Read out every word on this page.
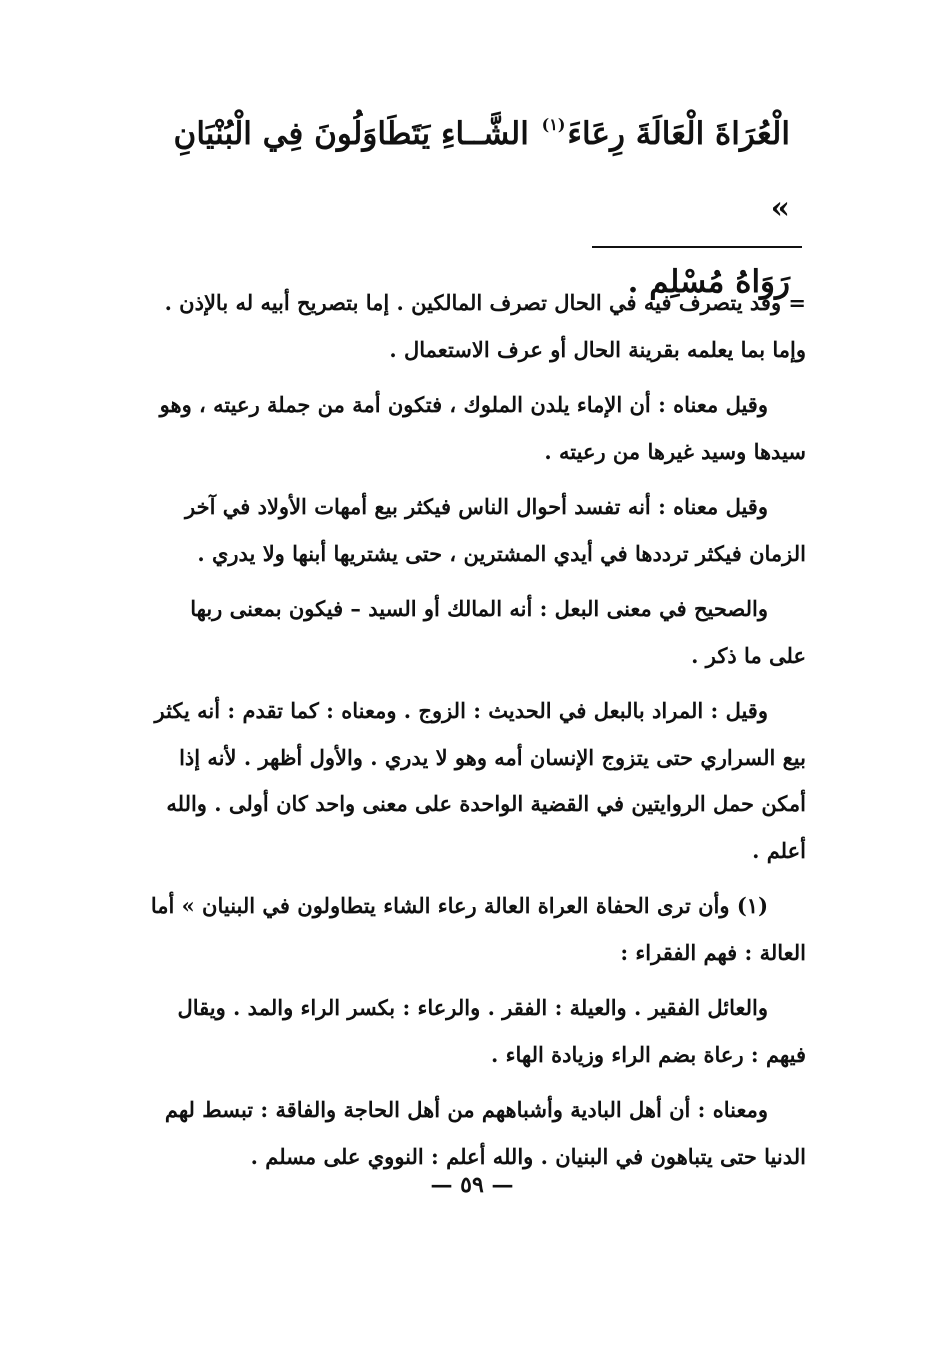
الْعُرَاةَ الْعَالَةَ رِعَاءَ$^{(١)}$ الشَّــاءِ يَتَطَاوَلُونَ فِي الْبُنْيَانِ »
رَوَاهُ مُسْلِم .

= وقد يتصرف فيه في الحال تصرف المالكين . إما بتصريح أبيه له بالإذن . وإما بما يعلمه بقرينة الحال أو عرف الاستعمال .

وقيل معناه : أن الإماء يلدن الملوك ، فتكون أمة من جملة رعيته ، وهو سيدها وسيد غيرها من رعيته .

وقيل معناه : أنه تفسد أحوال الناس فيكثر بيع أمهات الأولاد في آخر الزمان فيكثر ترددها في أيدي المشترين ، حتى يشتريها أبنها ولا يدري .

والصحيح في معنى البعل : أنه المالك أو السيد – فيكون بمعنى ربها على ما ذكر .

وقيل : المراد بالبعل في الحديث : الزوج . ومعناه : كما تقدم : أنه يكثر بيع السراري حتى يتزوج الإنسان أمه وهو لا يدري . والأول أظهر . لأنه إذا أمكن حمل الروايتين في القضية الواحدة على معنى واحد كان أولى . والله أعلم .

(١) وأن ترى الحفاة العراة العالة رعاء الشاء يتطاولون في البنيان » أما العالة : فهم الفقراء :

والعائل الفقير . والعيلة : الفقر . والرعاء : بكسر الراء والمد . ويقال فيهم : رعاة بضم الراء وزيادة الهاء .

ومعناه : أن أهل البادية وأشباههم من أهل الحاجة والفاقة : تبسط لهم الدنيا حتى يتباهون في البنيان . والله أعلم : النووي على مسلم .

— ٥٩ —
